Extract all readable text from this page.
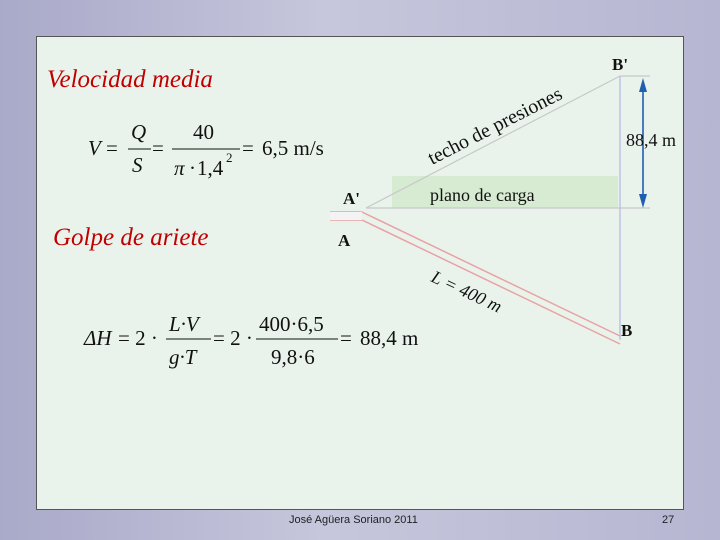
Velocidad media
Golpe de ariete
B'
A'
A
B
88,4 m
plano de carga
techo de presiones
L = 400 m
V =
Q
S
=
40
π · 1,4 2 = 6,5 m/s
ΔH = 2 ·
L·V
g·T
= 2 ·
400·6,5
9,8·6
= 88,4 m
José Agüera Soriano 2011	27
